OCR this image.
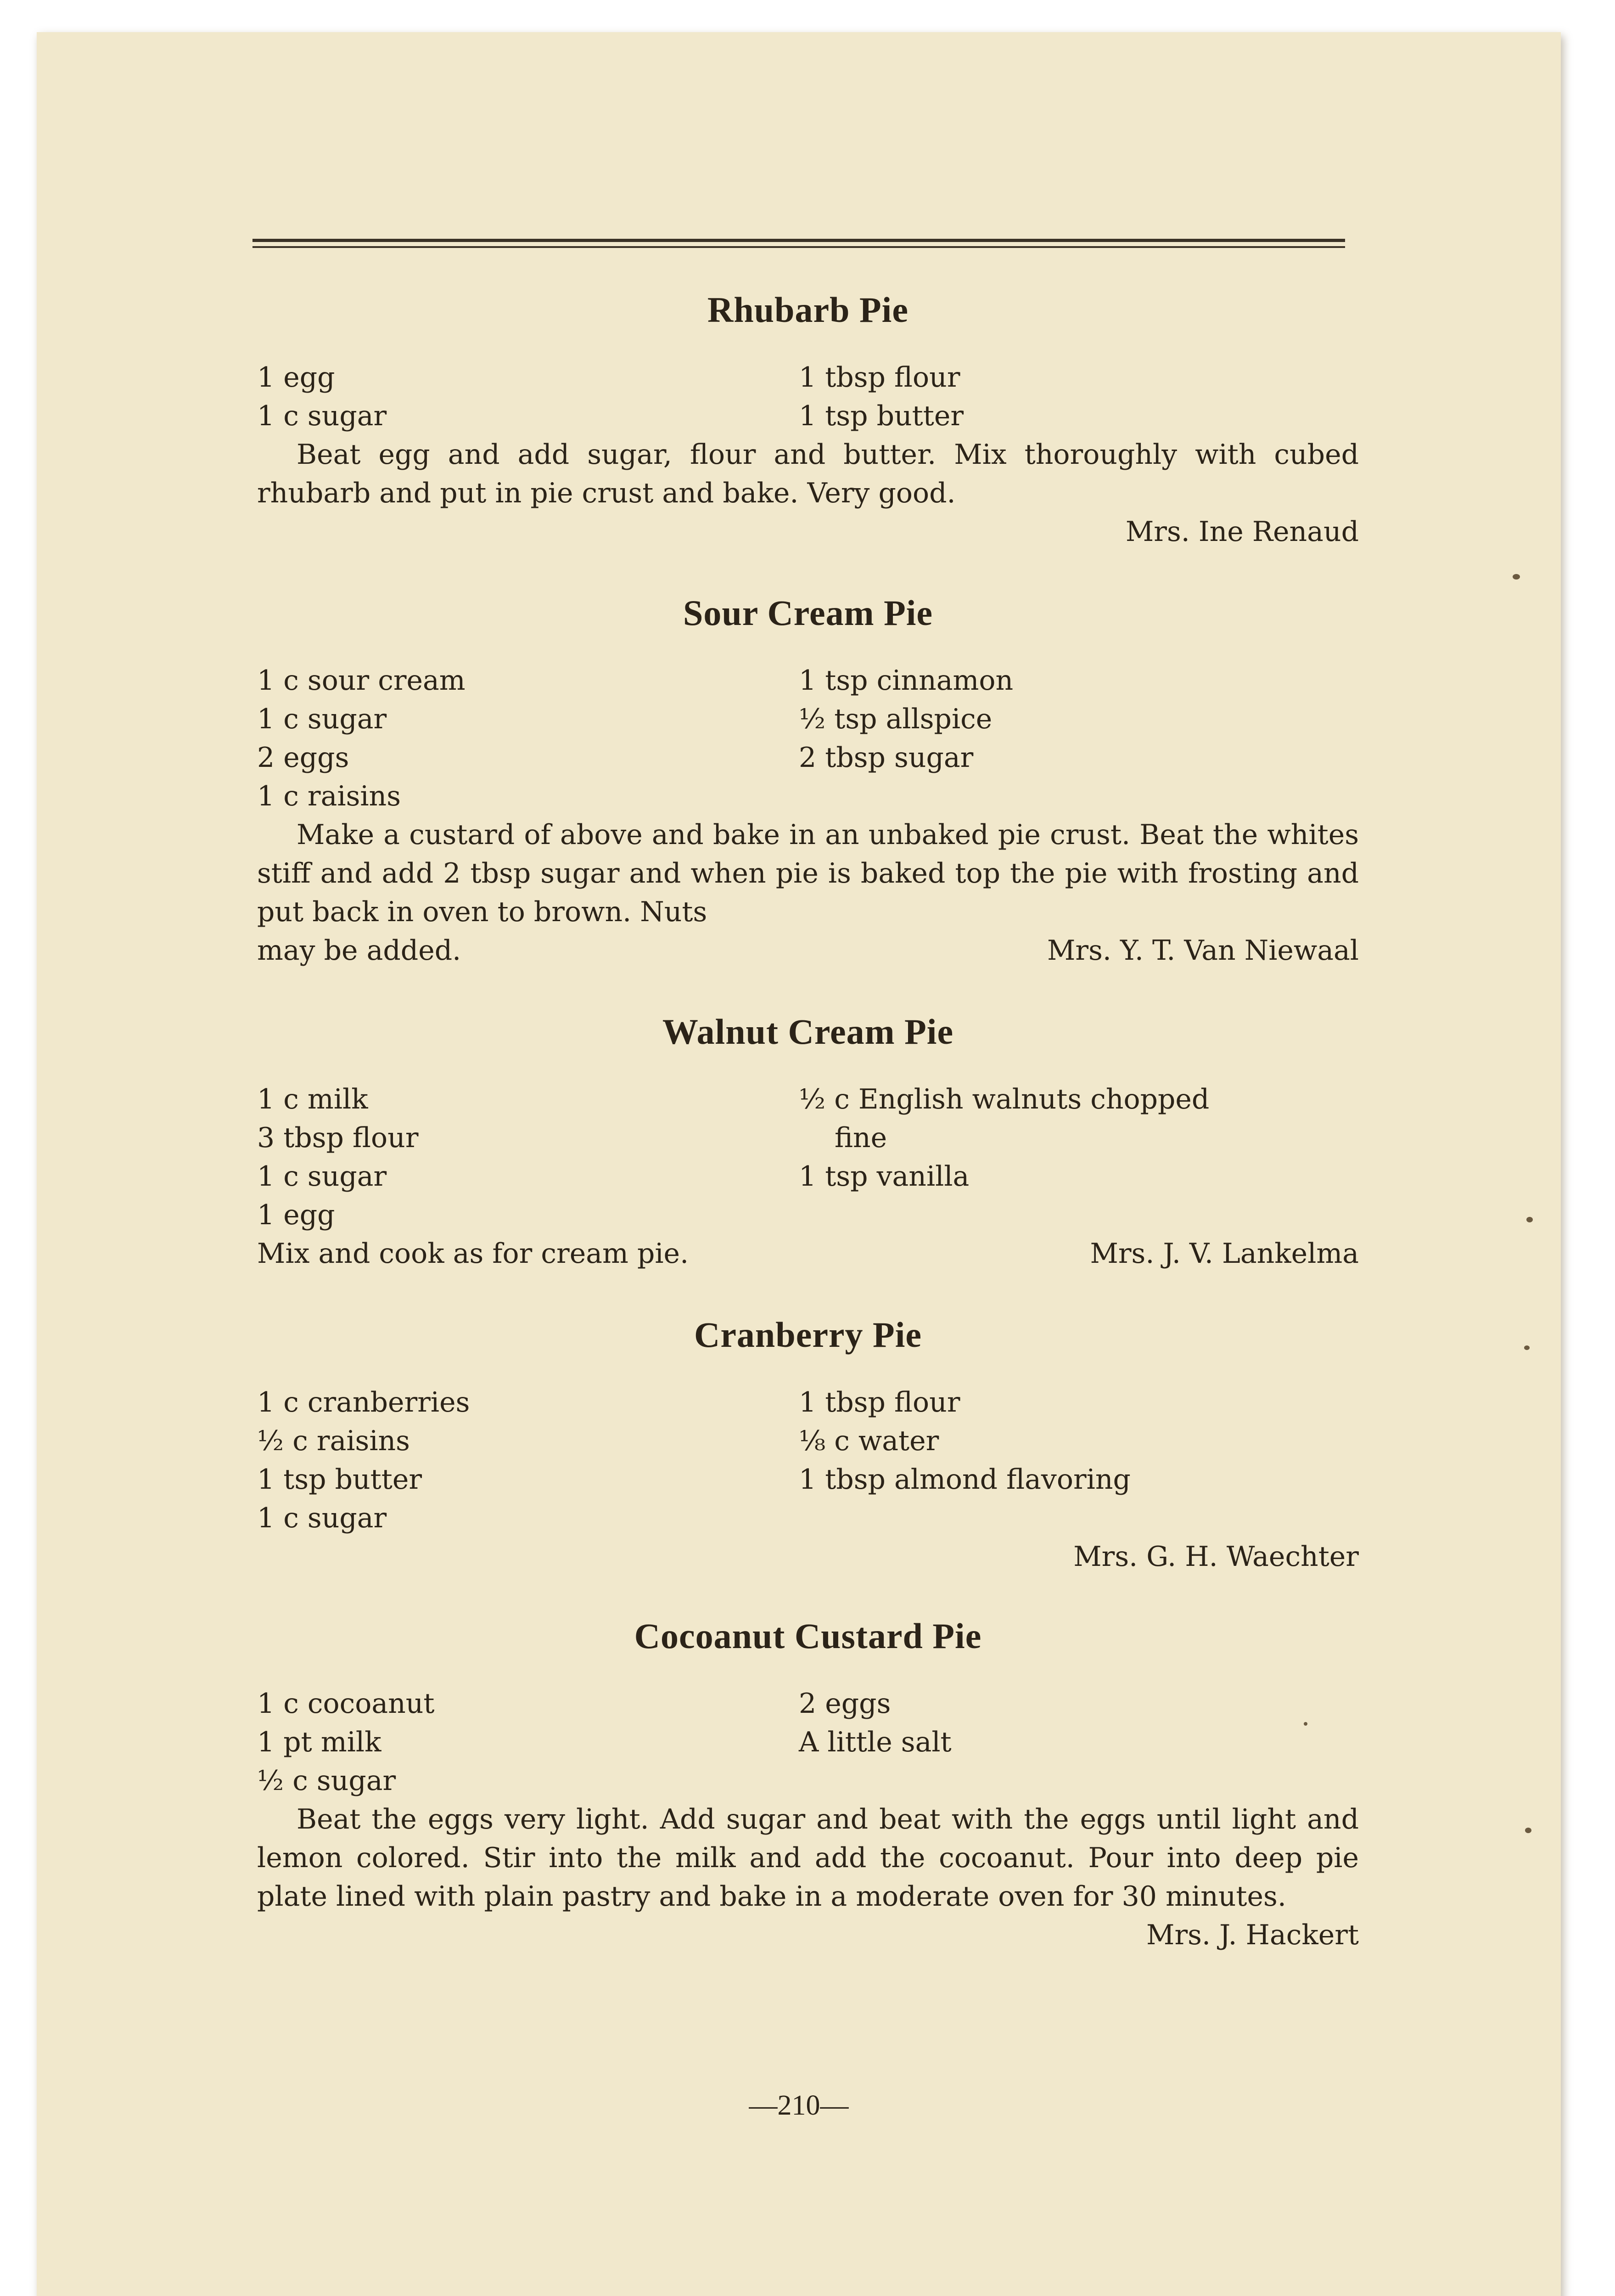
Rhubarb Pie
1 egg
1 c sugar
1 tbsp flour
1 tsp butter
Beat egg and add sugar, flour and butter. Mix thoroughly with cubed rhubarb and put in pie crust and bake. Very good.
Mrs. Ine Renaud
Sour Cream Pie
1 c sour cream
1 c sugar
2 eggs
1 c raisins
1 tsp cinnamon
½ tsp allspice
2 tbsp sugar
Make a custard of above and bake in an unbaked pie crust. Beat the whites stiff and add 2 tbsp sugar and when pie is baked top the pie with frosting and put back in oven to brown. Nuts
may be added.	Mrs. Y. T. Van Niewaal
Walnut Cream Pie
1 c milk
3 tbsp flour
1 c sugar
1 egg
½ c English walnuts chopped
fine
1 tsp vanilla
Mix and cook as for cream pie.	Mrs. J. V. Lankelma
Cranberry Pie
1 c cranberries
½ c raisins
1 tsp butter
1 c sugar
1 tbsp flour
⅛ c water
1 tbsp almond flavoring
Mrs. G. H. Waechter
Cocoanut Custard Pie
1 c cocoanut
1 pt milk
½ c sugar
2 eggs
A little salt
Beat the eggs very light. Add sugar and beat with the eggs until light and lemon colored. Stir into the milk and add the cocoanut. Pour into deep pie plate lined with plain pastry and bake in a moderate oven for 30 minutes.
Mrs. J. Hackert
—210—
